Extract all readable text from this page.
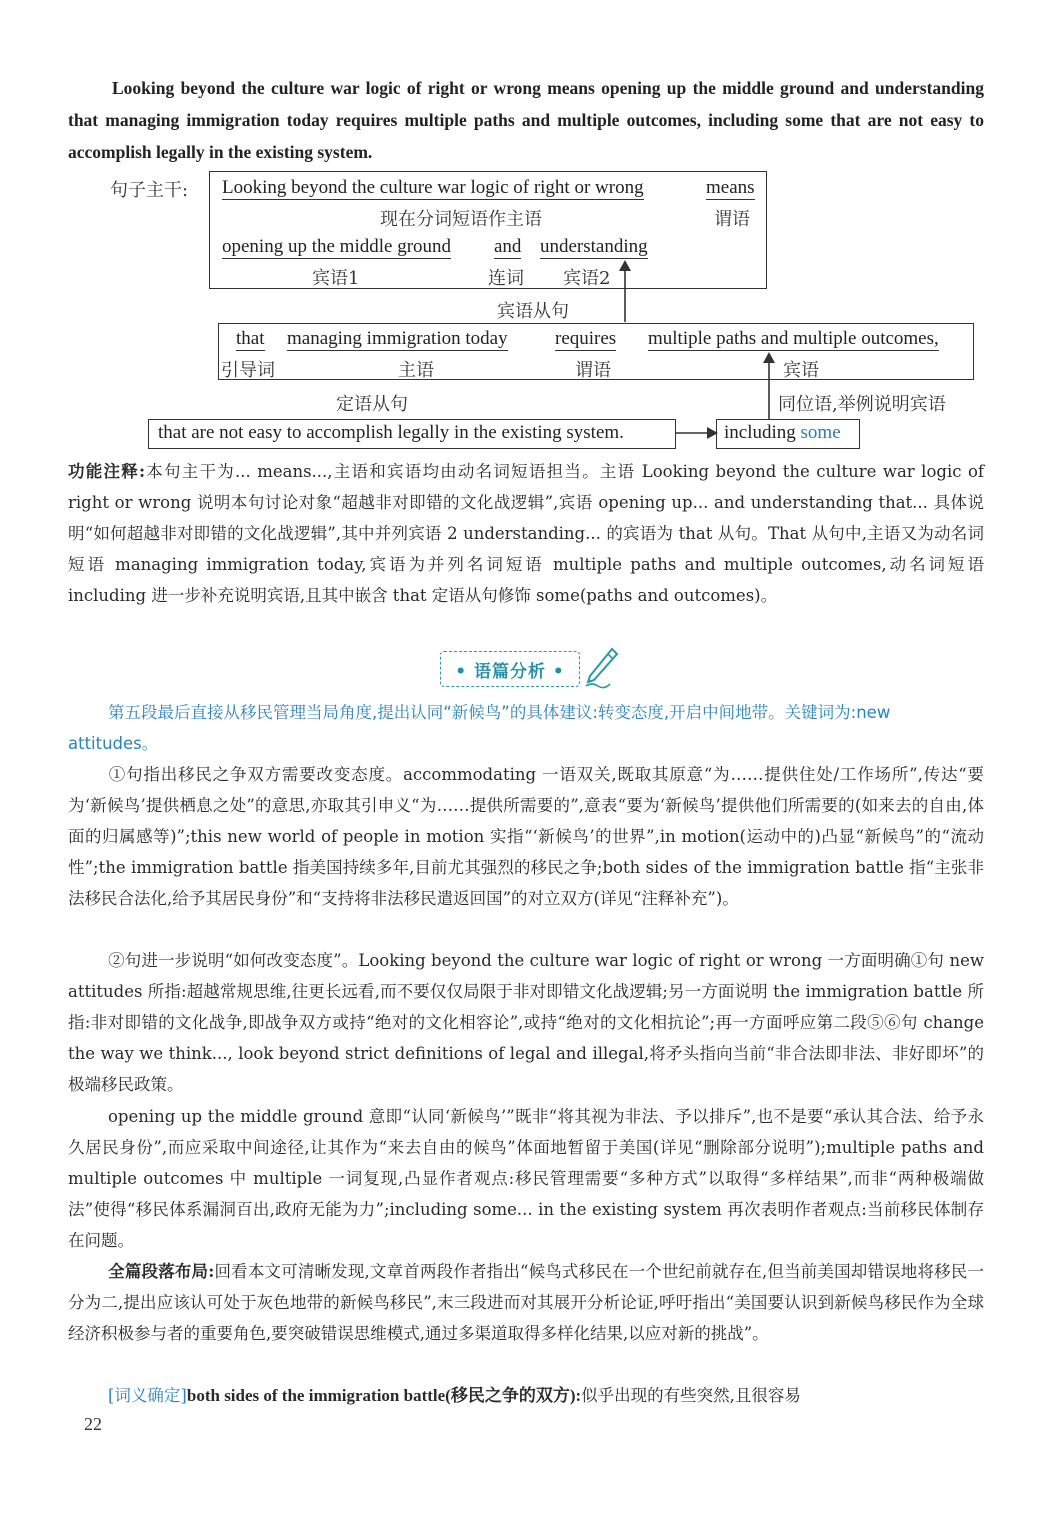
Looking beyond the culture war logic of right or wrong means opening up the middle ground and understanding that managing immigration today requires multiple paths and multiple outcomes, including some that are not easy to accomplish legally in the existing system.
句子主干: Looking beyond the culture war logic of right or wrong
现在分词短语作主语
means
谓语
opening up the middle ground
宾语1
and
连词
understanding
宾语2
宾语从句
that
引导词
managing immigration today
主语
requires
谓语
multiple paths and multiple outcomes,
宾语
定语从句	同位语,举例说明宾语
that are not easy to accomplish legally in the existing system.	including some
功能注释:本句主干为... means...,主语和宾语均由动名词短语担当。主语 Looking beyond the culture war logic of right or wrong 说明本句讨论对象“超越非对即错的文化战逻辑”,宾语 opening up... and understanding that... 具体说明“如何超越非对即错的文化战逻辑”,其中并列宾语 2 understanding... 的宾语为 that 从句。That 从句中,主语又为动名词短语 managing immigration today,宾语为并列名词短语 multiple paths and multiple outcomes,动名词短语 including 进一步补充说明宾语,且其中嵌含 that 定语从句修饰 some(paths and outcomes)。
• 语篇分析 •
第五段最后直接从移民管理当局角度,提出认同“新候鸟”的具体建议:转变态度,开启中间地带。关键词为:new attitudes。
①句指出移民之争双方需要改变态度。accommodating 一语双关,既取其原意“为……提供住处/工作场所”,传达“要为‘新候鸟’提供栖息之处”的意思,亦取其引申义“为……提供所需要的”,意表“要为‘新候鸟’提供他们所需要的(如来去的自由,体面的归属感等)”;this new world of people in motion 实指“‘新候鸟’的世界”,in motion(运动中的)凸显“新候鸟”的“流动性”;the immigration battle 指美国持续多年,目前尤其强烈的移民之争;both sides of the immigration battle 指“主张非法移民合法化,给予其居民身份”和“支持将非法移民遣返回国”的对立双方(详见“注释补充”)。
②句进一步说明“如何改变态度”。Looking beyond the culture war logic of right or wrong 一方面明确①句 new attitudes 所指:超越常规思维,往更长远看,而不要仅仅局限于非对即错文化战逻辑;另一方面说明 the immigration battle 所指:非对即错的文化战争,即战争双方或持“绝对的文化相容论”,或持“绝对的文化相抗论”;再一方面呼应第二段⑤⑥句 change the way we think..., look beyond strict definitions of legal and illegal,将矛头指向当前“非合法即非法、非好即坏”的极端移民政策。
opening up the middle ground 意即“认同‘新候鸟’”既非“将其视为非法、予以排斥”,也不是要“承认其合法、给予永久居民身份”,而应采取中间途径,让其作为“来去自由的候鸟”体面地暂留于美国(详见“删除部分说明”);multiple paths and multiple outcomes 中 multiple 一词复现,凸显作者观点:移民管理需要“多种方式”以取得“多样结果”,而非“两种极端做法”使得“移民体系漏洞百出,政府无能为力”;including some... in the existing system 再次表明作者观点:当前移民体制存在问题。
全篇段落布局:回看本文可清晰发现,文章首两段作者指出“候鸟式移民在一个世纪前就存在,但当前美国却错误地将移民一分为二,提出应该认可处于灰色地带的新候鸟移民”,末三段进而对其展开分析论证,呼吁指出“美国要认识到新候鸟移民作为全球经济积极参与者的重要角色,要突破错误思维模式,通过多渠道取得多样化结果,以应对新的挑战”。
[词义确定]both sides of the immigration battle(移民之争的双方):似乎出现的有些突然,且很容易
22
